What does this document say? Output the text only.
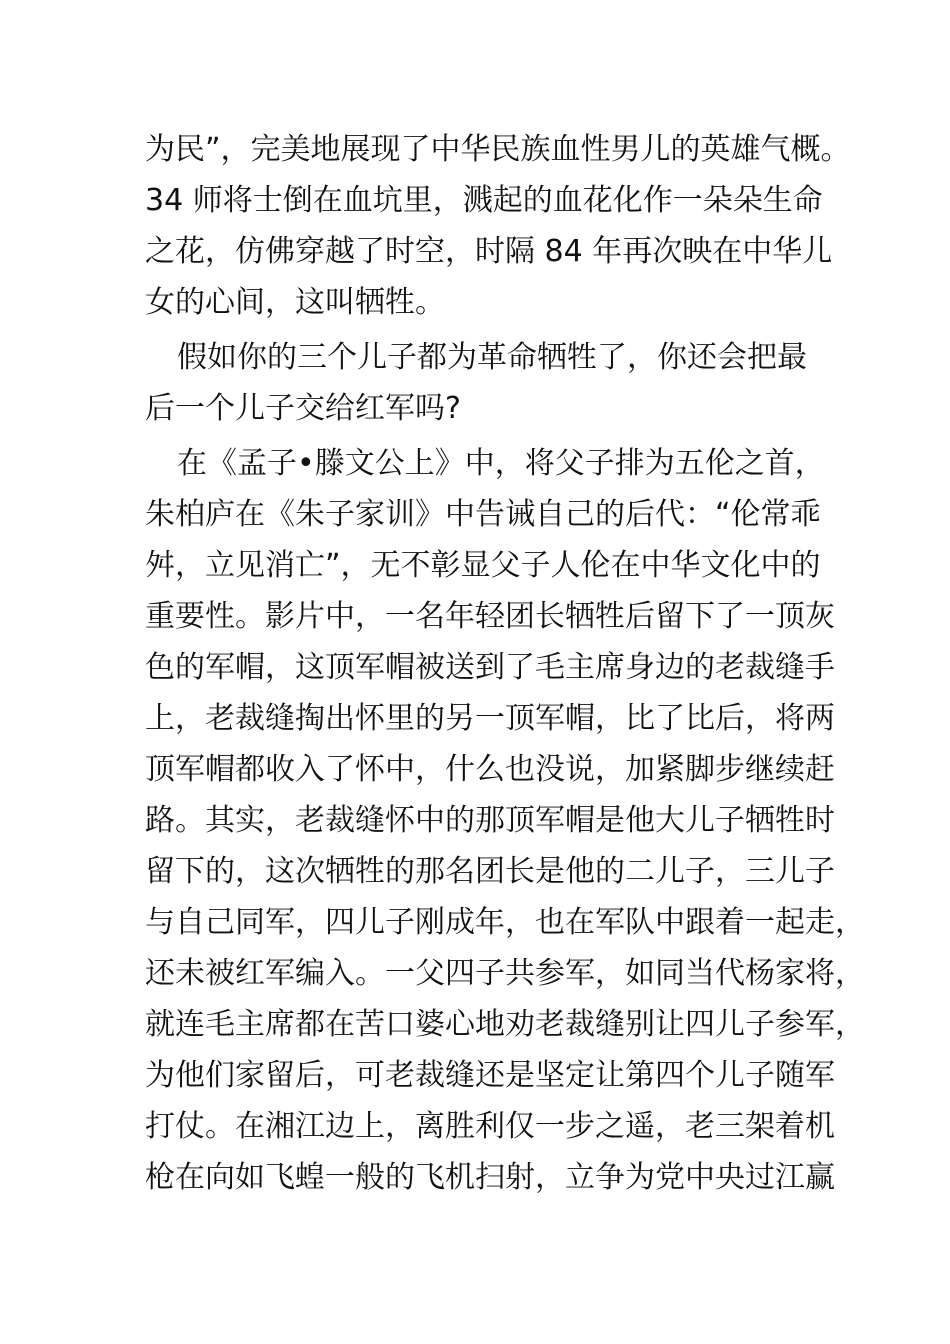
为民”，完美地展现了中华民族血性男儿的英雄气概。
34 师将士倒在血坑里，溅起的血花化作一朵朵生命
之花，仿佛穿越了时空，时隔 84 年再次映在中华儿
女的心间，这叫牺牲。
假如你的三个儿子都为革命牺牲了，你还会把最
后一个儿子交给红军吗?
在《孟子•滕文公上》中，将父子排为五伦之首，
朱柏庐在《朱子家训》中告诫自己的后代：“伦常乖
舛，立见消亡”，无不彰显父子人伦在中华文化中的
重要性。影片中，一名年轻团长牺牲后留下了一顶灰
色的军帽，这顶军帽被送到了毛主席身边的老裁缝手
上，老裁缝掏出怀里的另一顶军帽，比了比后，将两
顶军帽都收入了怀中，什么也没说，加紧脚步继续赶
路。其实，老裁缝怀中的那顶军帽是他大儿子牺牲时
留下的，这次牺牲的那名团长是他的二儿子，三儿子
与自己同军，四儿子刚成年，也在军队中跟着一起走，
还未被红军编入。一父四子共参军，如同当代杨家将，
就连毛主席都在苦口婆心地劝老裁缝别让四儿子参军，
为他们家留后，可老裁缝还是坚定让第四个儿子随军
打仗。在湘江边上，离胜利仅一步之遥，老三架着机
枪在向如飞蝗一般的飞机扫射，立争为党中央过江赢
